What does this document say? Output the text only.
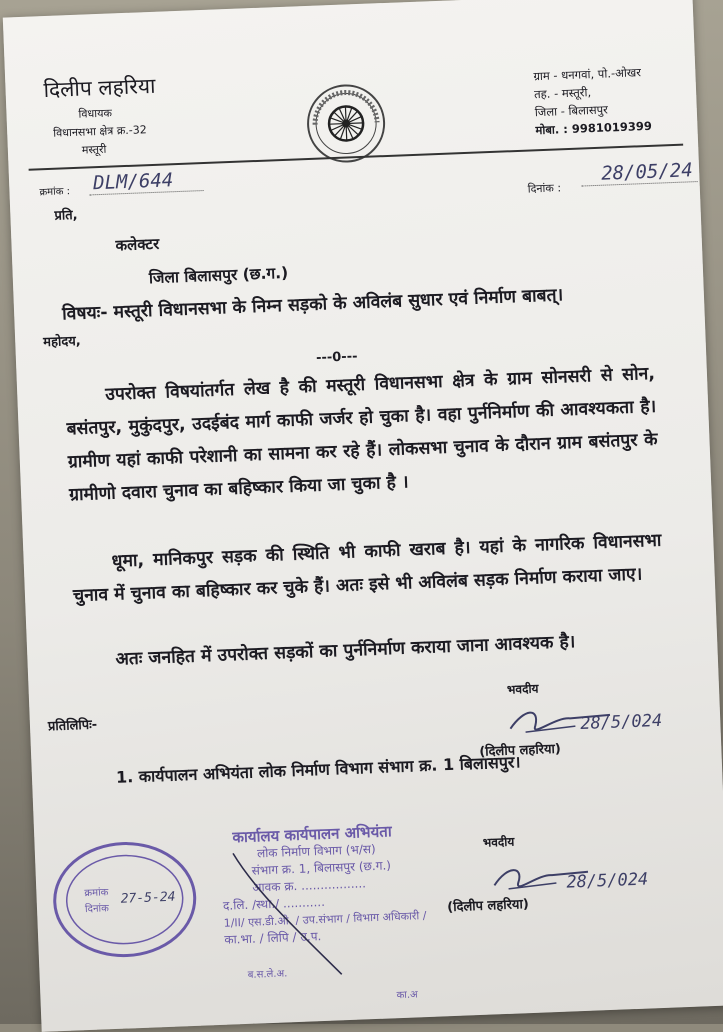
दिलीप लहरिया
विधायक
विधानसभा क्षेत्र क्र.-32
मस्तूरी
ग्राम - धनगवां, पो.-ओखर
तह. - मस्तूरी,
जिला - बिलासपुर
मोबा. : 9981019399
क्रमांक : DLM/644	दिनांक :
28/05/24
प्रति,
कलेक्टर
जिला बिलासपुर (छ.ग.)
विषयः- मस्तूरी विधानसभा के निम्न सड़को के अविलंब सुधार एवं निर्माण बाबत्।
महोदय,
---0---
उपरोक्त विषयांतर्गत लेख है की मस्तूरी विधानसभा क्षेत्र के ग्राम सोनसरी से सोन, बसंतपुर, मुकुंदपुर, उदईबंद मार्ग काफी जर्जर हो चुका है। वहा पुर्ननिर्माण की आवश्यकता है। ग्रामीण यहां काफी परेशानी का सामना कर रहे हैं। लोकसभा चुनाव के दौरान ग्राम बसंतपुर के ग्रामीणो दवारा चुनाव का बहिष्कार किया जा चुका है ।
धूमा, मानिकपुर सड़क की स्थिति भी काफी खराब है। यहां के नागरिक विधानसभा चुनाव में चुनाव का बहिष्कार कर चुके हैं। अतः इसे भी अविलंब सड़क निर्माण कराया जाए।
अतः जनहित में उपरोक्त सड़कों का पुर्ननिर्माण कराया जाना आवश्यक है।
भवदीय
28/5/024
(दिलीप लहरिया)
प्रतिलिपिः-
1. कार्यपालन अभियंता लोक निर्माण विभाग संभाग क्र. 1 बिलासपुर।
क्रमांक
दिनांक
27-5-24
कार्यालय कार्यपालन अभियंता
लोक निर्माण विभाग (भ/स)
संभाग क्र. 1, बिलासपुर (छ.ग.)
आवक क्र. .................
द.लि. /स्था./ ...........
1/II/ एस.डी.ओ. / उप.संभाग / विभाग अधिकारी /
का.भा. / लिपि / उ.प.
ब.स.ले.अ.
का.अ
भवदीय
28/5/024
(दिलीप लहरिया)
